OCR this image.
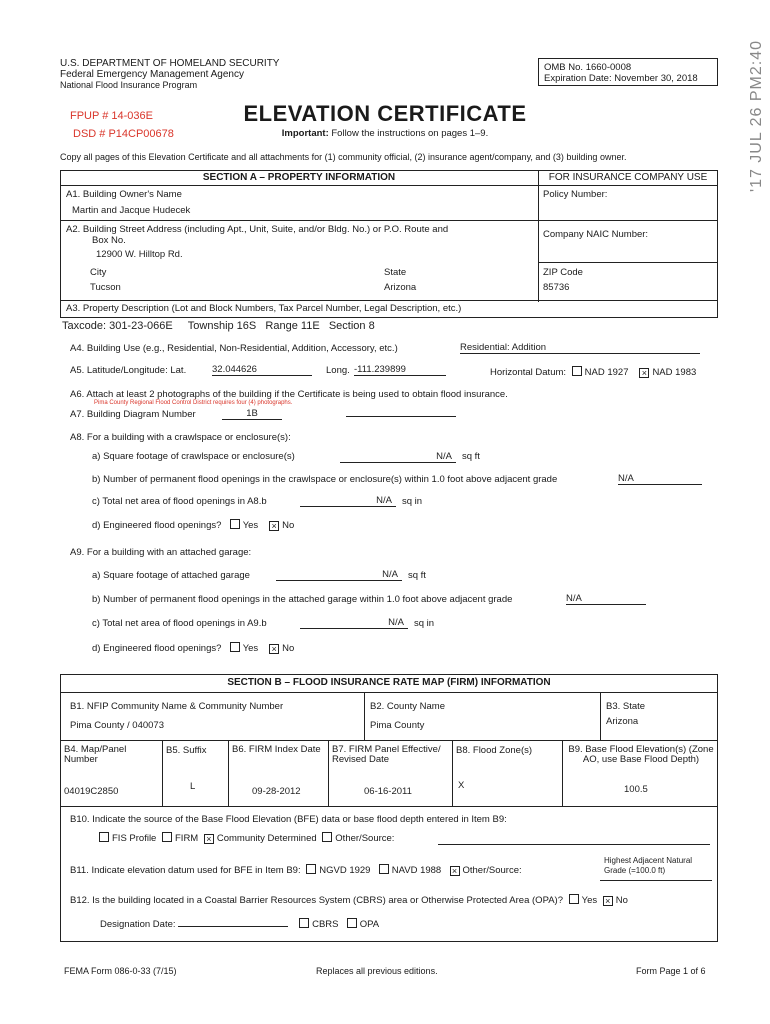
'17 JUL 26 PM2:40
U.S. DEPARTMENT OF HOMELAND SECURITY
Federal Emergency Management Agency
National Flood Insurance Program
OMB No. 1660-0008
Expiration Date: November 30, 2018
FPUP # 14-036E
DSD # P14CP00678
ELEVATION CERTIFICATE
Important: Follow the instructions on pages 1–9.
Copy all pages of this Elevation Certificate and all attachments for (1) community official, (2) insurance agent/company, and (3) building owner.
SECTION A – PROPERTY INFORMATION	FOR INSURANCE COMPANY USE
A1. Building Owner's Name
Martin and Jacque Hudecek
Policy Number:
A2. Building Street Address (including Apt., Unit, Suite, and/or Bldg. No.) or P.O. Route and
Box No.
12900 W. Hilltop Rd.
Company NAIC Number:
City
Tucson
State
Arizona
ZIP Code
85736
A3. Property Description (Lot and Block Numbers, Tax Parcel Number, Legal Description, etc.)
Taxcode: 301-23-066E     Township 16S   Range 11E   Section 8
A4. Building Use (e.g., Residential, Non-Residential, Addition, Accessory, etc.)	Residential: Addition
A5. Latitude/Longitude: Lat.	32.044626	Long. -111.239899	Horizontal Datum: NAD 1927 × NAD 1983
A6. Attach at least 2 photographs of the building if the Certificate is being used to obtain flood insurance.
Pima County Regional Flood Control District requires four (4) photographs.
A7. Building Diagram Number	1B
A8. For a building with a crawlspace or enclosure(s):
a) Square footage of crawlspace or enclosure(s)	N/A	sq ft
b) Number of permanent flood openings in the crawlspace or enclosure(s) within 1.0 foot above adjacent grade	N/A
c) Total net area of flood openings in A8.b	N/A	sq in
d) Engineered flood openings? Yes × No
A9. For a building with an attached garage:
a) Square footage of attached garage	N/A	sq ft
b) Number of permanent flood openings in the attached garage within 1.0 foot above adjacent grade	N/A
c) Total net area of flood openings in A9.b	N/A	sq in
d) Engineered flood openings? Yes × No
SECTION B – FLOOD INSURANCE RATE MAP (FIRM) INFORMATION
B1. NFIP Community Name & Community Number
Pima County / 040073
B2. County Name
Pima County
B3. State
Arizona
B4. Map/Panel Number
04019C2850
B5. Suffix
L
B6. FIRM Index Date
09-28-2012
B7. FIRM Panel Effective/ Revised Date
06-16-2011
B8. Flood Zone(s)
X
B9. Base Flood Elevation(s) (Zone AO, use Base Flood Depth)
100.5
B10. Indicate the source of the Base Flood Elevation (BFE) data or base flood depth entered in Item B9:
FIS Profile FIRM × Community Determined Other/Source:
B11. Indicate elevation datum used for BFE in Item B9: NGVD 1929 NAVD 1988 × Other/Source:
Highest Adjacent Natural Grade (=100.0 ft)
B12. Is the building located in a Coastal Barrier Resources System (CBRS) area or Otherwise Protected Area (OPA)? Yes × No
Designation Date:	CBRS OPA
FEMA Form 086-0-33 (7/15)	Replaces all previous editions.	Form Page 1 of 6
